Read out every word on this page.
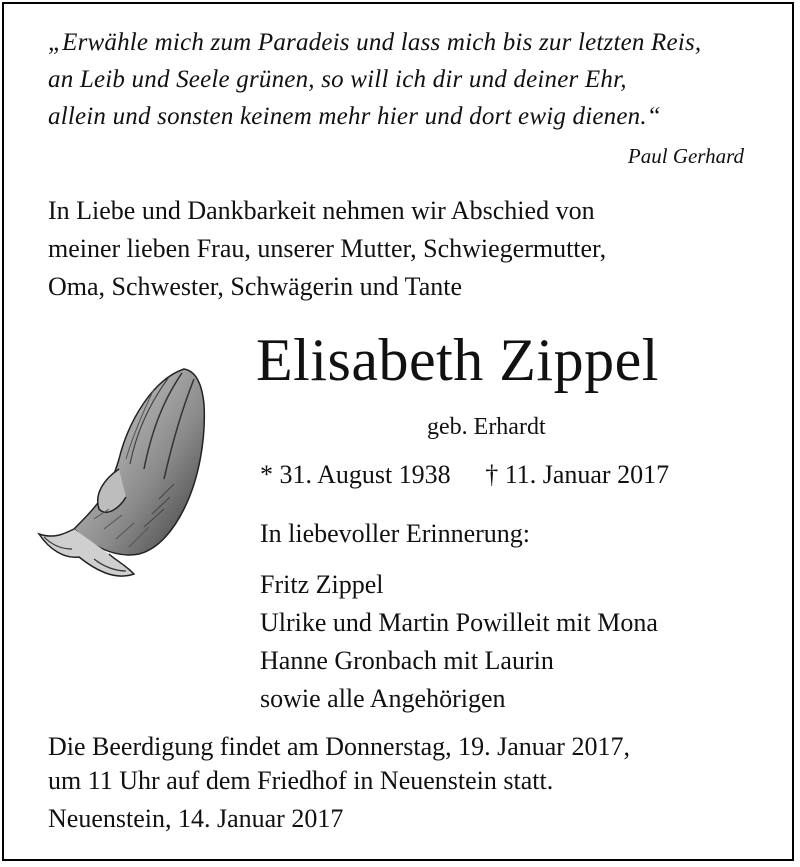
„Erwähle mich zum Paradeis und lass mich bis zur letzten Reis,
an Leib und Seele grünen, so will ich dir und deiner Ehr,
allein und sonsten keinem mehr hier und dort ewig dienen.“
Paul Gerhard
In Liebe und Dankbarkeit nehmen wir Abschied von
meiner lieben Frau, unserer Mutter, Schwiegermutter,
Oma, Schwester, Schwägerin und Tante
Elisabeth Zippel
geb. Erhardt
* 31. August 1938 † 11. Januar 2017
In liebevoller Erinnerung:
Fritz Zippel
Ulrike und Martin Powilleit mit Mona
Hanne Gronbach mit Laurin
sowie alle Angehörigen
Die Beerdigung findet am Donnerstag, 19. Januar 2017,
um 11 Uhr auf dem Friedhof in Neuenstein statt.
Neuenstein, 14. Januar 2017
